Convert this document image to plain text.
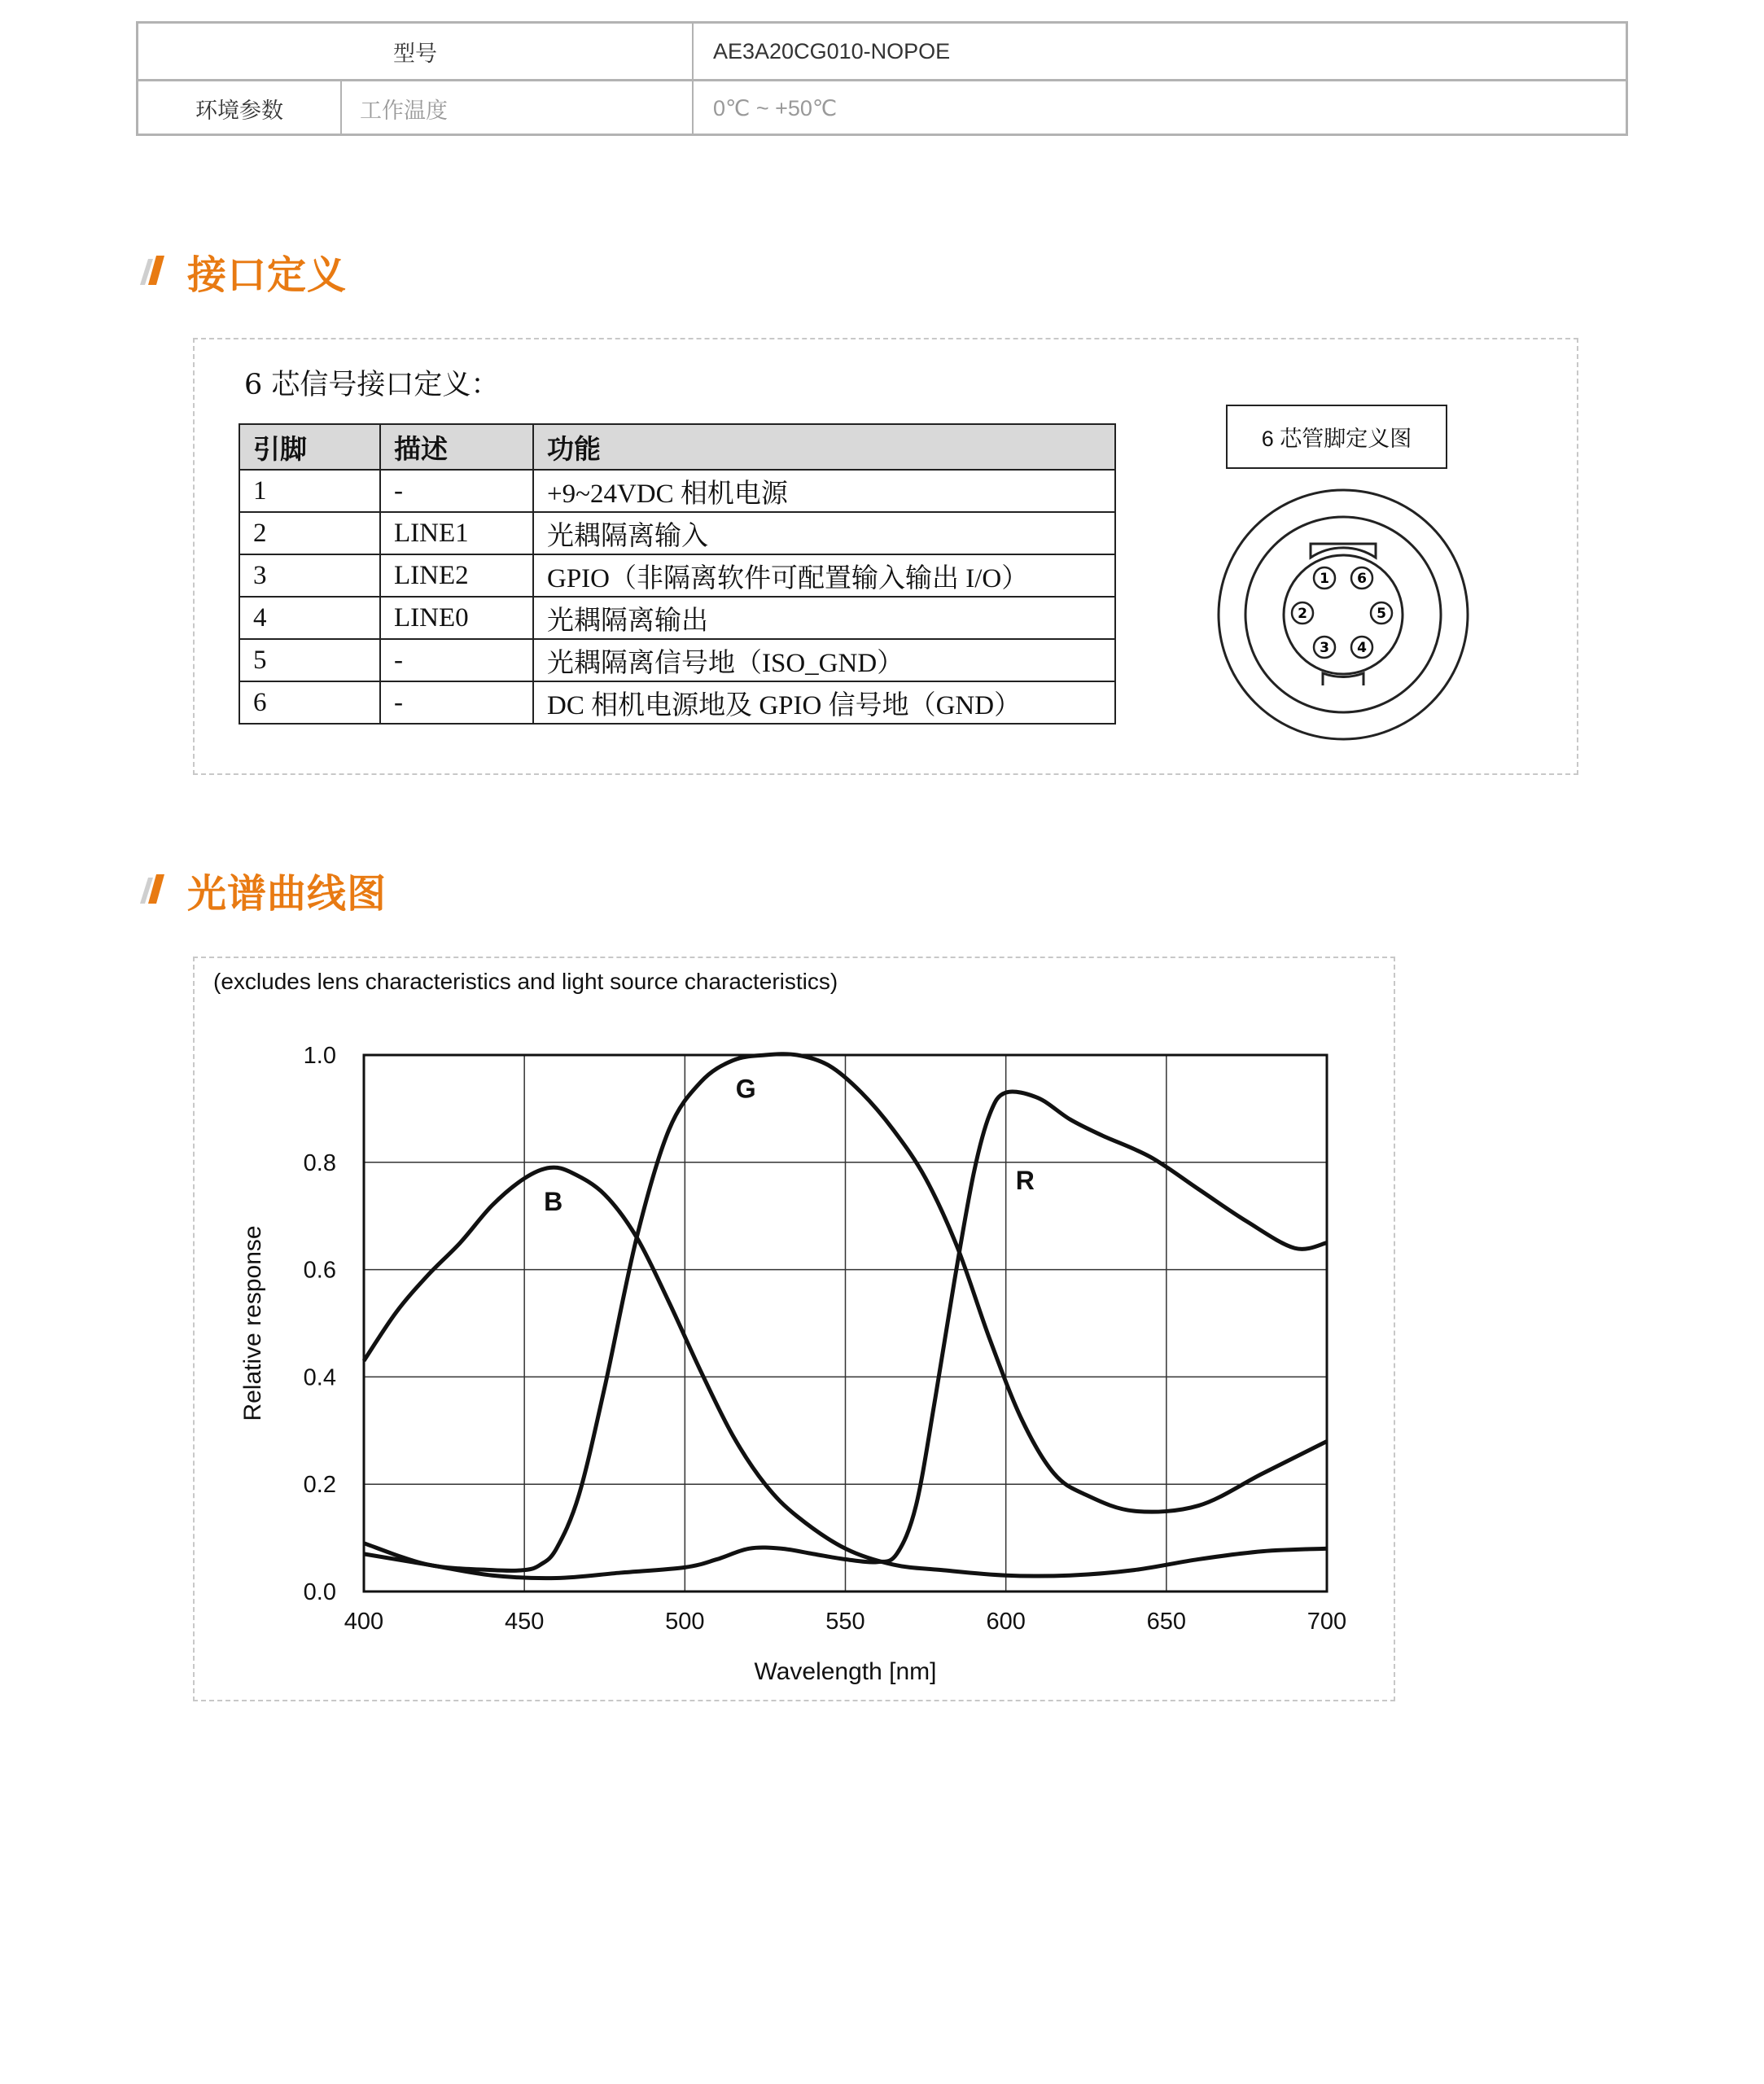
型号	AE3A20CG010-NOPOE
环境参数	工作温度	0℃ ~ +50℃
接口定义
6 芯信号接口定义：
引脚	描述	功能
1	-	+9~24VDC 相机电源
2	LINE1	光耦隔离输入
3	LINE2	GPIO（非隔离软件可配置输入输出 I/O）
4	LINE0	光耦隔离输出
5	-	光耦隔离信号地（ISO_GND）
6	-	DC 相机电源地及 GPIO 信号地（GND）
6 芯管脚定义图
1
2
3 4
5
6
光谱曲线图
(excludes lens characteristics and light source characteristics)
400	450	500	550	600	650	700
0.0
0.2
0.4
0.6
0.8
1.0
Wavelength [nm]
Relative response
B
G
R
